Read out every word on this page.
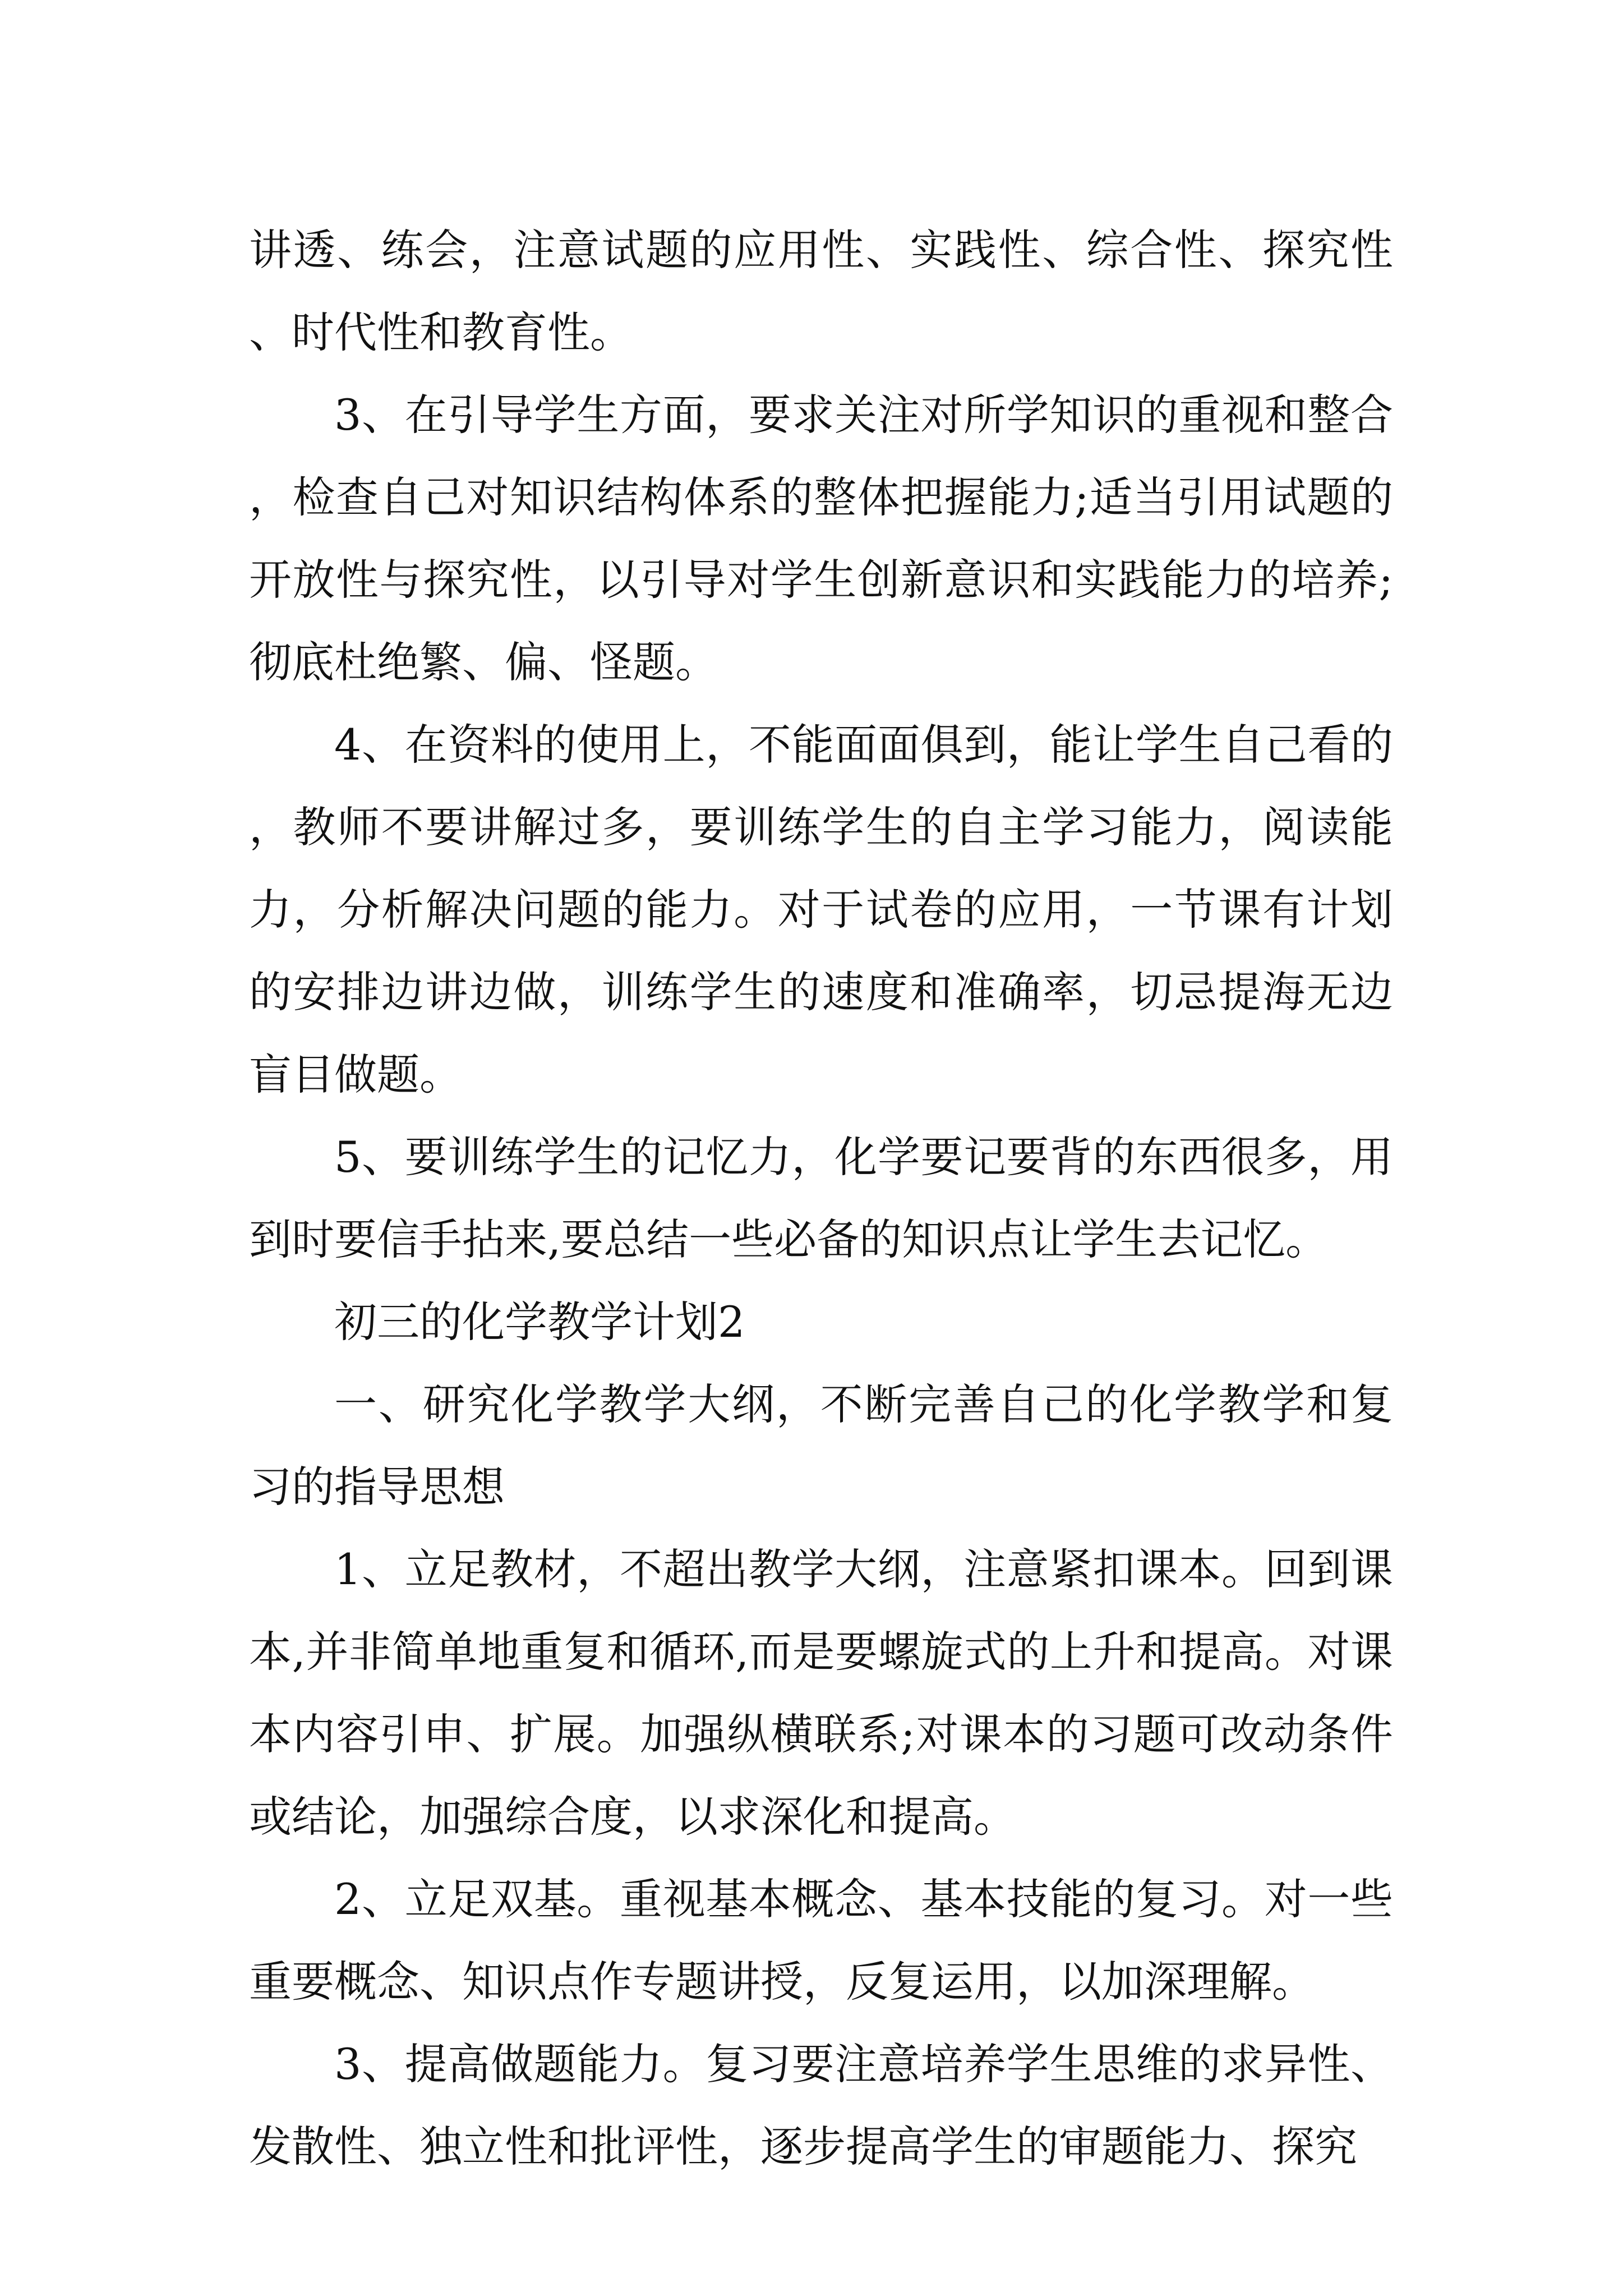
讲透、练会，注意试题的应用性、实践性、综合性、探究性、时代性和教育性。

3、在引导学生方面，要求关注对所学知识的重视和整合，检查自己对知识结构体系的整体把握能力;适当引用试题的开放性与探究性，以引导对学生创新意识和实践能力的培养;彻底杜绝繁、偏、怪题。

4、在资料的使用上，不能面面俱到，能让学生自己看的，教师不要讲解过多，要训练学生的自主学习能力，阅读能力，分析解决问题的能力。对于试卷的应用，一节课有计划的安排边讲边做，训练学生的速度和准确率，切忌提海无边盲目做题。

5、要训练学生的记忆力，化学要记要背的东西很多，用到时要信手拈来,要总结一些必备的知识点让学生去记忆。

初三的化学教学计划2

一、研究化学教学大纲，不断完善自己的化学教学和复习的指导思想

1、立足教材，不超出教学大纲，注意紧扣课本。回到课本,并非简单地重复和循环,而是要螺旋式的上升和提高。对课本内容引申、扩展。加强纵横联系;对课本的习题可改动条件或结论，加强综合度，以求深化和提高。

2、立足双基。重视基本概念、基本技能的复习。对一些重要概念、知识点作专题讲授，反复运用，以加深理解。

3、提高做题能力。复习要注意培养学生思维的求异性、发散性、独立性和批评性，逐步提高学生的审题能力、探究
